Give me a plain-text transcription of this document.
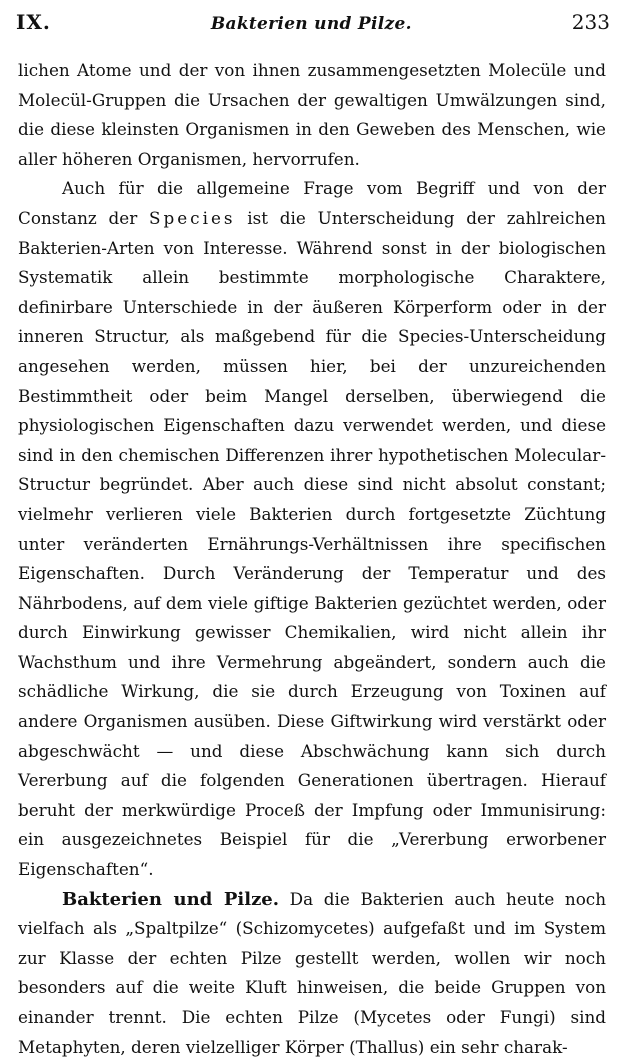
IX.	Bakterien und Pilze.	233

lichen Atome und der von ihnen zusammengesetzten Molecüle und Molecül-Gruppen die Ursachen der gewaltigen Umwälzungen sind, die diese kleinsten Organismen in den Geweben des Menschen, wie aller höheren Organismen, hervorrufen.

Auch für die allgemeine Frage vom Begriff und von der Constanz der Species ist die Unterscheidung der zahlreichen Bakterien-Arten von Interesse. Während sonst in der biologischen Systematik allein bestimmte morphologische Charaktere, definirbare Unterschiede in der äußeren Körperform oder in der inneren Structur, als maßgebend für die Species-Unterscheidung angesehen werden, müssen hier, bei der unzureichenden Bestimmtheit oder beim Mangel derselben, überwiegend die physiologischen Eigenschaften dazu verwendet werden, und diese sind in den chemischen Differenzen ihrer hypothetischen Molecular-Structur begründet. Aber auch diese sind nicht absolut constant; vielmehr verlieren viele Bakterien durch fortgesetzte Züchtung unter veränderten Ernährungs-Verhältnissen ihre specifischen Eigenschaften. Durch Veränderung der Temperatur und des Nährbodens, auf dem viele giftige Bakterien gezüchtet werden, oder durch Einwirkung gewisser Chemikalien, wird nicht allein ihr Wachsthum und ihre Vermehrung abgeändert, sondern auch die schädliche Wirkung, die sie durch Erzeugung von Toxinen auf andere Organismen ausüben. Diese Giftwirkung wird verstärkt oder abgeschwächt — und diese Abschwächung kann sich durch Vererbung auf die folgenden Generationen übertragen. Hierauf beruht der merkwürdige Proceß der Impfung oder Immunisirung: ein ausgezeichnetes Beispiel für die „Vererbung erworbener Eigenschaften“.

Bakterien und Pilze. Da die Bakterien auch heute noch vielfach als „Spaltpilze“ (Schizomycetes) aufgefaßt und im System zur Klasse der echten Pilze gestellt werden, wollen wir noch besonders auf die weite Kluft hinweisen, die beide Gruppen von einander trennt. Die echten Pilze (Mycetes oder Fungi) sind Metaphyten, deren vielzelliger Körper (Thallus) ein sehr charak-
